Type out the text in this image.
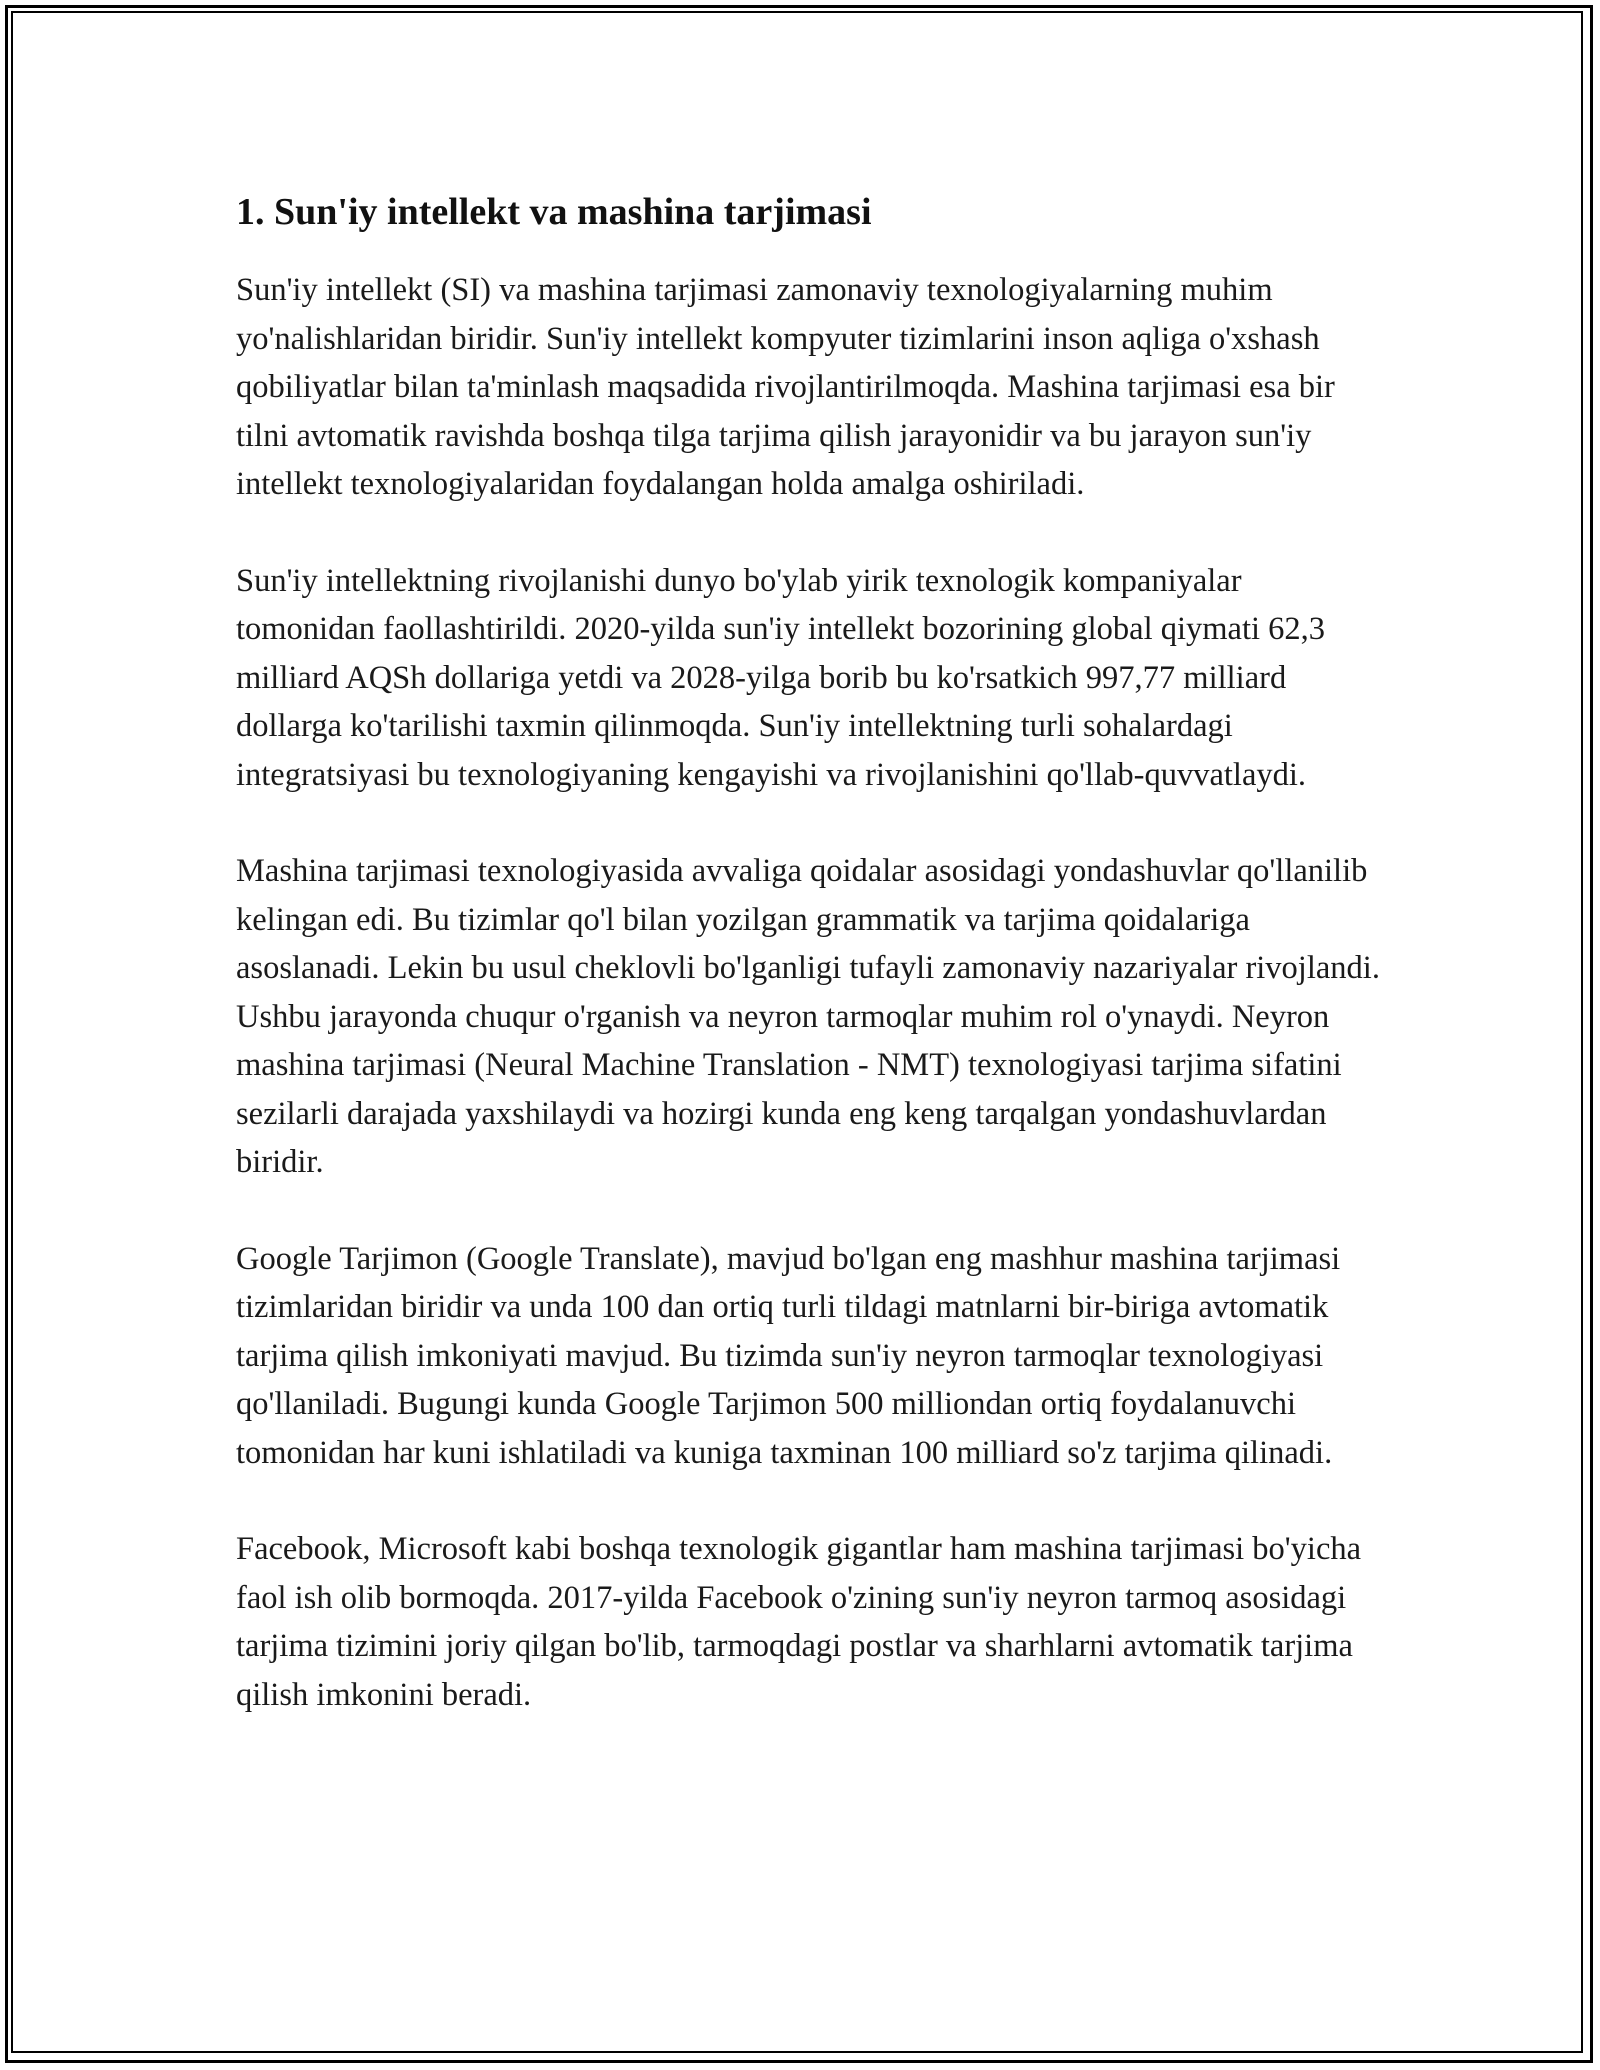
1. Sun'iy intellekt va mashina tarjimasi

Sun'iy intellekt (SI) va mashina tarjimasi zamonaviy texnologiyalarning muhim yo'nalishlaridan biridir. Sun'iy intellekt kompyuter tizimlarini inson aqliga o'xshash qobiliyatlar bilan ta'minlash maqsadida rivojlantirilmoqda. Mashina tarjimasi esa bir tilni avtomatik ravishda boshqa tilga tarjima qilish jarayonidir va bu jarayon sun'iy intellekt texnologiyalaridan foydalangan holda amalga oshiriladi.

Sun'iy intellektning rivojlanishi dunyo bo'ylab yirik texnologik kompaniyalar tomonidan faollashtirildi. 2020-yilda sun'iy intellekt bozorining global qiymati 62,3 milliard AQSh dollariga yetdi va 2028-yilga borib bu ko'rsatkich 997,77 milliard dollarga ko'tarilishi taxmin qilinmoqda. Sun'iy intellektning turli sohalardagi integratsiyasi bu texnologiyaning kengayishi va rivojlanishini qo'llab-quvvatlaydi.

Mashina tarjimasi texnologiyasida avvaliga qoidalar asosidagi yondashuvlar qo'llanilib kelingan edi. Bu tizimlar qo'l bilan yozilgan grammatik va tarjima qoidalariga asoslanadi. Lekin bu usul cheklovli bo'lganligi tufayli zamonaviy nazariyalar rivojlandi. Ushbu jarayonda chuqur o'rganish va neyron tarmoqlar muhim rol o'ynaydi. Neyron mashina tarjimasi (Neural Machine Translation - NMT) texnologiyasi tarjima sifatini sezilarli darajada yaxshilaydi va hozirgi kunda eng keng tarqalgan yondashuvlardan biridir.

Google Tarjimon (Google Translate), mavjud bo'lgan eng mashhur mashina tarjimasi tizimlaridan biridir va unda 100 dan ortiq turli tildagi matnlarni bir-biriga avtomatik tarjima qilish imkoniyati mavjud. Bu tizimda sun'iy neyron tarmoqlar texnologiyasi qo'llaniladi. Bugungi kunda Google Tarjimon 500 milliondan ortiq foydalanuvchi tomonidan har kuni ishlatiladi va kuniga taxminan 100 milliard so'z tarjima qilinadi.

Facebook, Microsoft kabi boshqa texnologik gigantlar ham mashina tarjimasi bo'yicha faol ish olib bormoqda. 2017-yilda Facebook o'zining sun'iy neyron tarmoq asosidagi tarjima tizimini joriy qilgan bo'lib, tarmoqdagi postlar va sharhlarni avtomatik tarjima qilish imkonini beradi.
